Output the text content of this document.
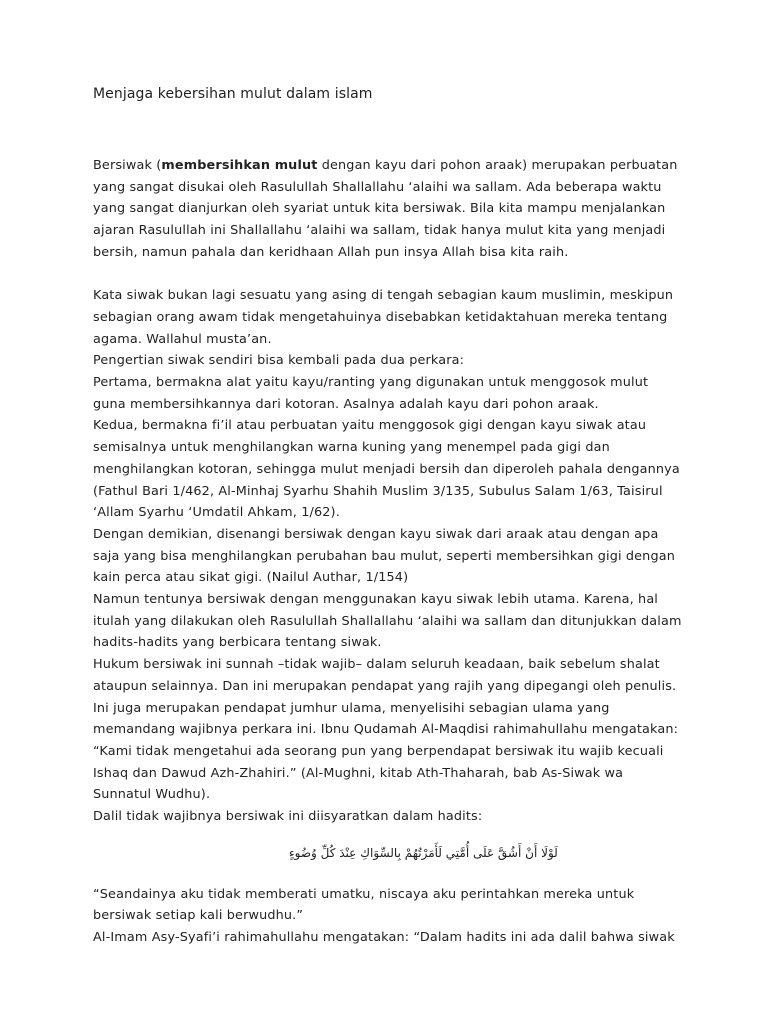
Menjaga kebersihan mulut dalam islam
Bersiwak (membersihkan mulut dengan kayu dari pohon araak) merupakan perbuatan
yang sangat disukai oleh Rasulullah Shallallahu ‘alaihi wa sallam. Ada beberapa waktu
yang sangat dianjurkan oleh syariat untuk kita bersiwak. Bila kita mampu menjalankan
ajaran Rasulullah ini Shallallahu ‘alaihi wa sallam, tidak hanya mulut kita yang menjadi
bersih, namun pahala dan keridhaan Allah pun insya Allah bisa kita raih.
Kata siwak bukan lagi sesuatu yang asing di tengah sebagian kaum muslimin, meskipun
sebagian orang awam tidak mengetahuinya disebabkan ketidaktahuan mereka tentang
agama. Wallahul musta’an.
Pengertian siwak sendiri bisa kembali pada dua perkara:
Pertama, bermakna alat yaitu kayu/ranting yang digunakan untuk menggosok mulut
guna membersihkannya dari kotoran. Asalnya adalah kayu dari pohon araak.
Kedua, bermakna fi’il atau perbuatan yaitu menggosok gigi dengan kayu siwak atau
semisalnya untuk menghilangkan warna kuning yang menempel pada gigi dan
menghilangkan kotoran, sehingga mulut menjadi bersih dan diperoleh pahala dengannya
(Fathul Bari 1/462, Al-Minhaj Syarhu Shahih Muslim 3/135, Subulus Salam 1/63, Taisirul
‘Allam Syarhu ‘Umdatil Ahkam, 1/62).
Dengan demikian, disenangi bersiwak dengan kayu siwak dari araak atau dengan apa
saja yang bisa menghilangkan perubahan bau mulut, seperti membersihkan gigi dengan
kain perca atau sikat gigi. (Nailul Authar, 1/154)
Namun tentunya bersiwak dengan menggunakan kayu siwak lebih utama. Karena, hal
itulah yang dilakukan oleh Rasulullah Shallallahu ‘alaihi wa sallam dan ditunjukkan dalam
hadits-hadits yang berbicara tentang siwak.
Hukum bersiwak ini sunnah –tidak wajib– dalam seluruh keadaan, baik sebelum shalat
ataupun selainnya. Dan ini merupakan pendapat yang rajih yang dipegangi oleh penulis.
Ini juga merupakan pendapat jumhur ulama, menyelisihi sebagian ulama yang
memandang wajibnya perkara ini. Ibnu Qudamah Al-Maqdisi rahimahullahu mengatakan:
“Kami tidak mengetahui ada seorang pun yang berpendapat bersiwak itu wajib kecuali
Ishaq dan Dawud Azh-Zhahiri.” (Al-Mughni, kitab Ath-Thaharah, bab As-Siwak wa
Sunnatul Wudhu).
Dalil tidak wajibnya bersiwak ini diisyaratkan dalam hadits:
لَوْلَا أَنْ أَشُقَّ عَلَى أُمَّتِي لَأَمَرْتُهُمْ بِالسِّوَاكِ عِنْدَ كُلِّ وُضُوءٍ
“Seandainya aku tidak memberati umatku, niscaya aku perintahkan mereka untuk
bersiwak setiap kali berwudhu.”
Al-Imam Asy-Syafi’i rahimahullahu mengatakan: “Dalam hadits ini ada dalil bahwa siwak
